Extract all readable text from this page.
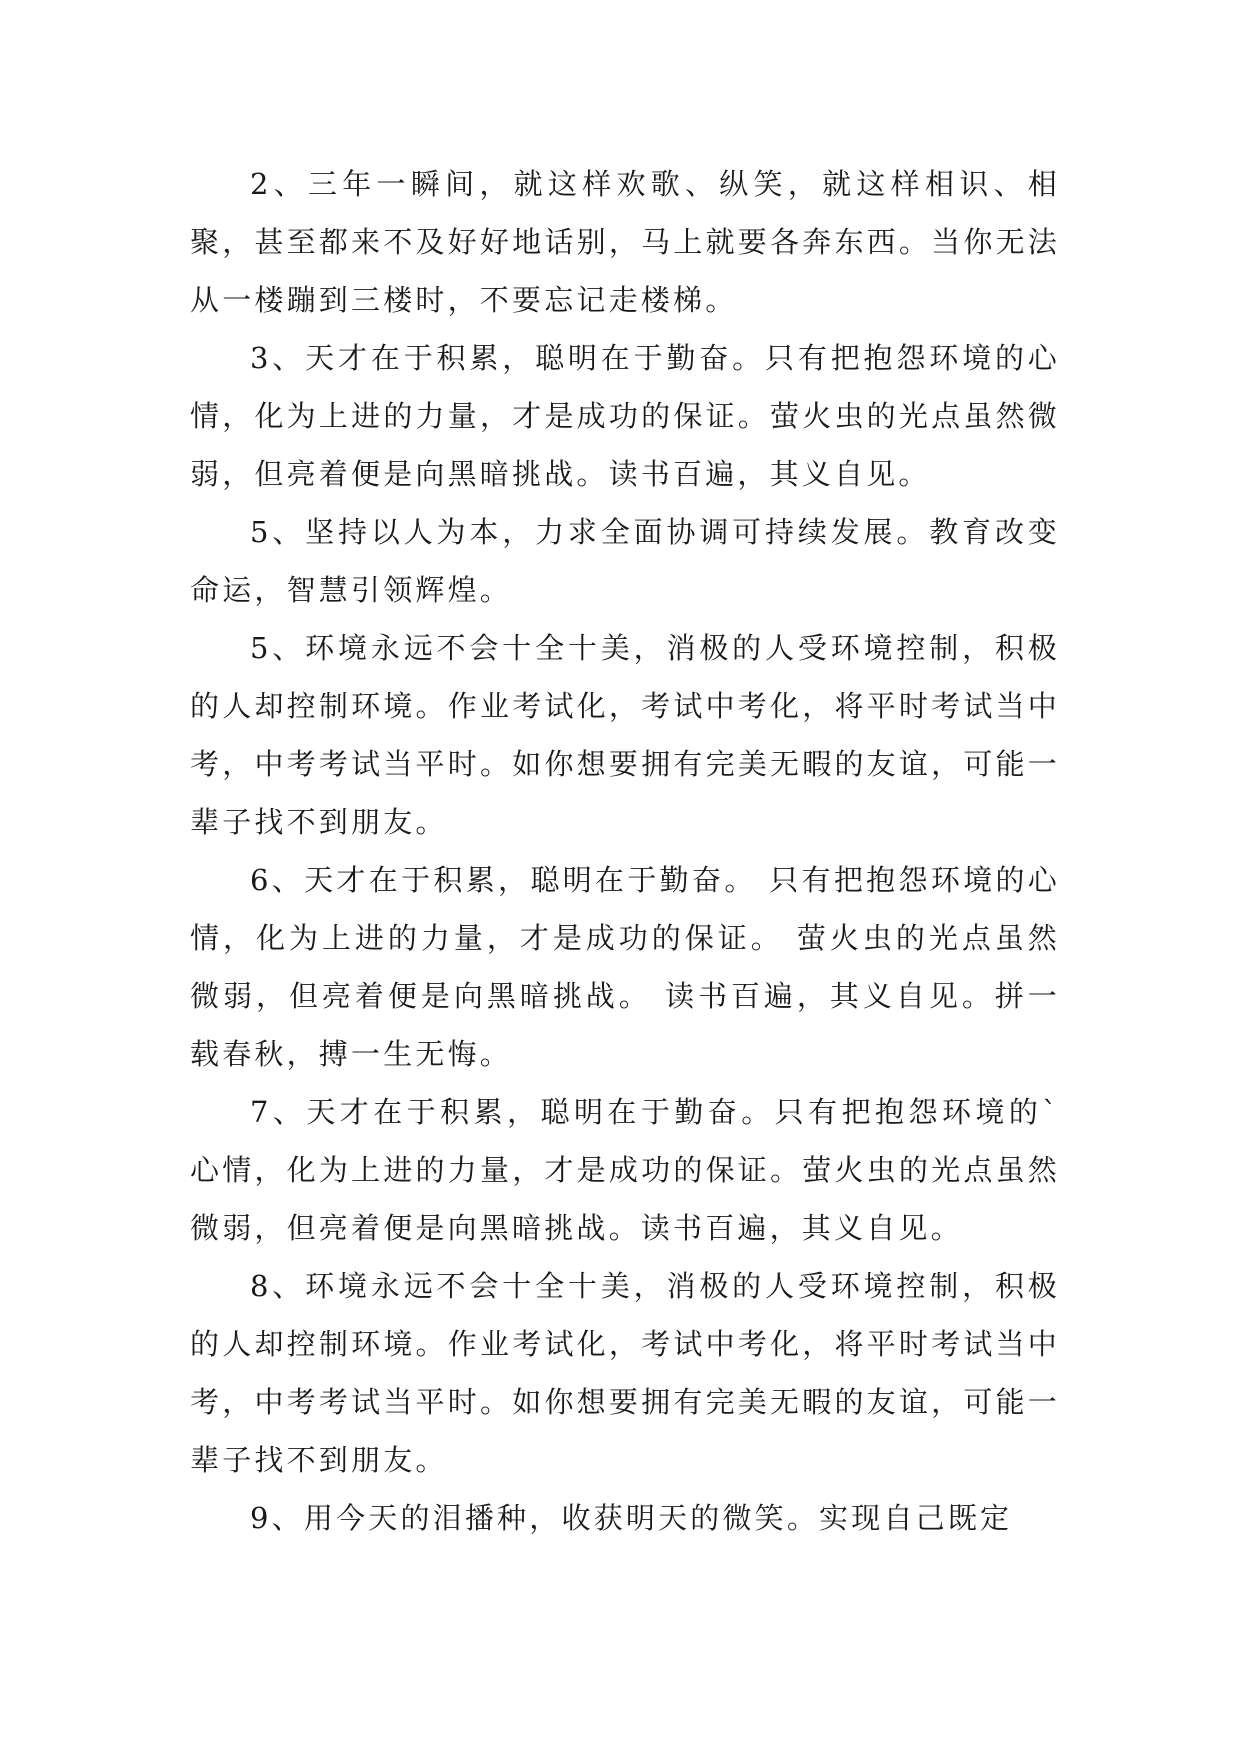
2、三年一瞬间，就这样欢歌、纵笑，就这样相识、相聚，甚至都来不及好好地话别，马上就要各奔东西。当你无法从一楼蹦到三楼时，不要忘记走楼梯。

3、天才在于积累，聪明在于勤奋。只有把抱怨环境的心情，化为上进的力量，才是成功的保证。萤火虫的光点虽然微弱，但亮着便是向黑暗挑战。读书百遍，其义自见。

5、坚持以人为本，力求全面协调可持续发展。教育改变命运，智慧引领辉煌。

5、环境永远不会十全十美，消极的人受环境控制，积极的人却控制环境。作业考试化，考试中考化，将平时考试当中考，中考考试当平时。如你想要拥有完美无暇的友谊，可能一辈子找不到朋友。

6、天才在于积累，聪明在于勤奋。 只有把抱怨环境的心情，化为上进的力量，才是成功的保证。 萤火虫的光点虽然微弱，但亮着便是向黑暗挑战。 读书百遍，其义自见。拼一载春秋，搏一生无悔。

7、天才在于积累，聪明在于勤奋。只有把抱怨环境的`心情，化为上进的力量，才是成功的保证。萤火虫的光点虽然微弱，但亮着便是向黑暗挑战。读书百遍，其义自见。

8、环境永远不会十全十美，消极的人受环境控制，积极的人却控制环境。作业考试化，考试中考化，将平时考试当中考，中考考试当平时。如你想要拥有完美无暇的友谊，可能一辈子找不到朋友。

9、用今天的泪播种，收获明天的微笑。实现自己既定
